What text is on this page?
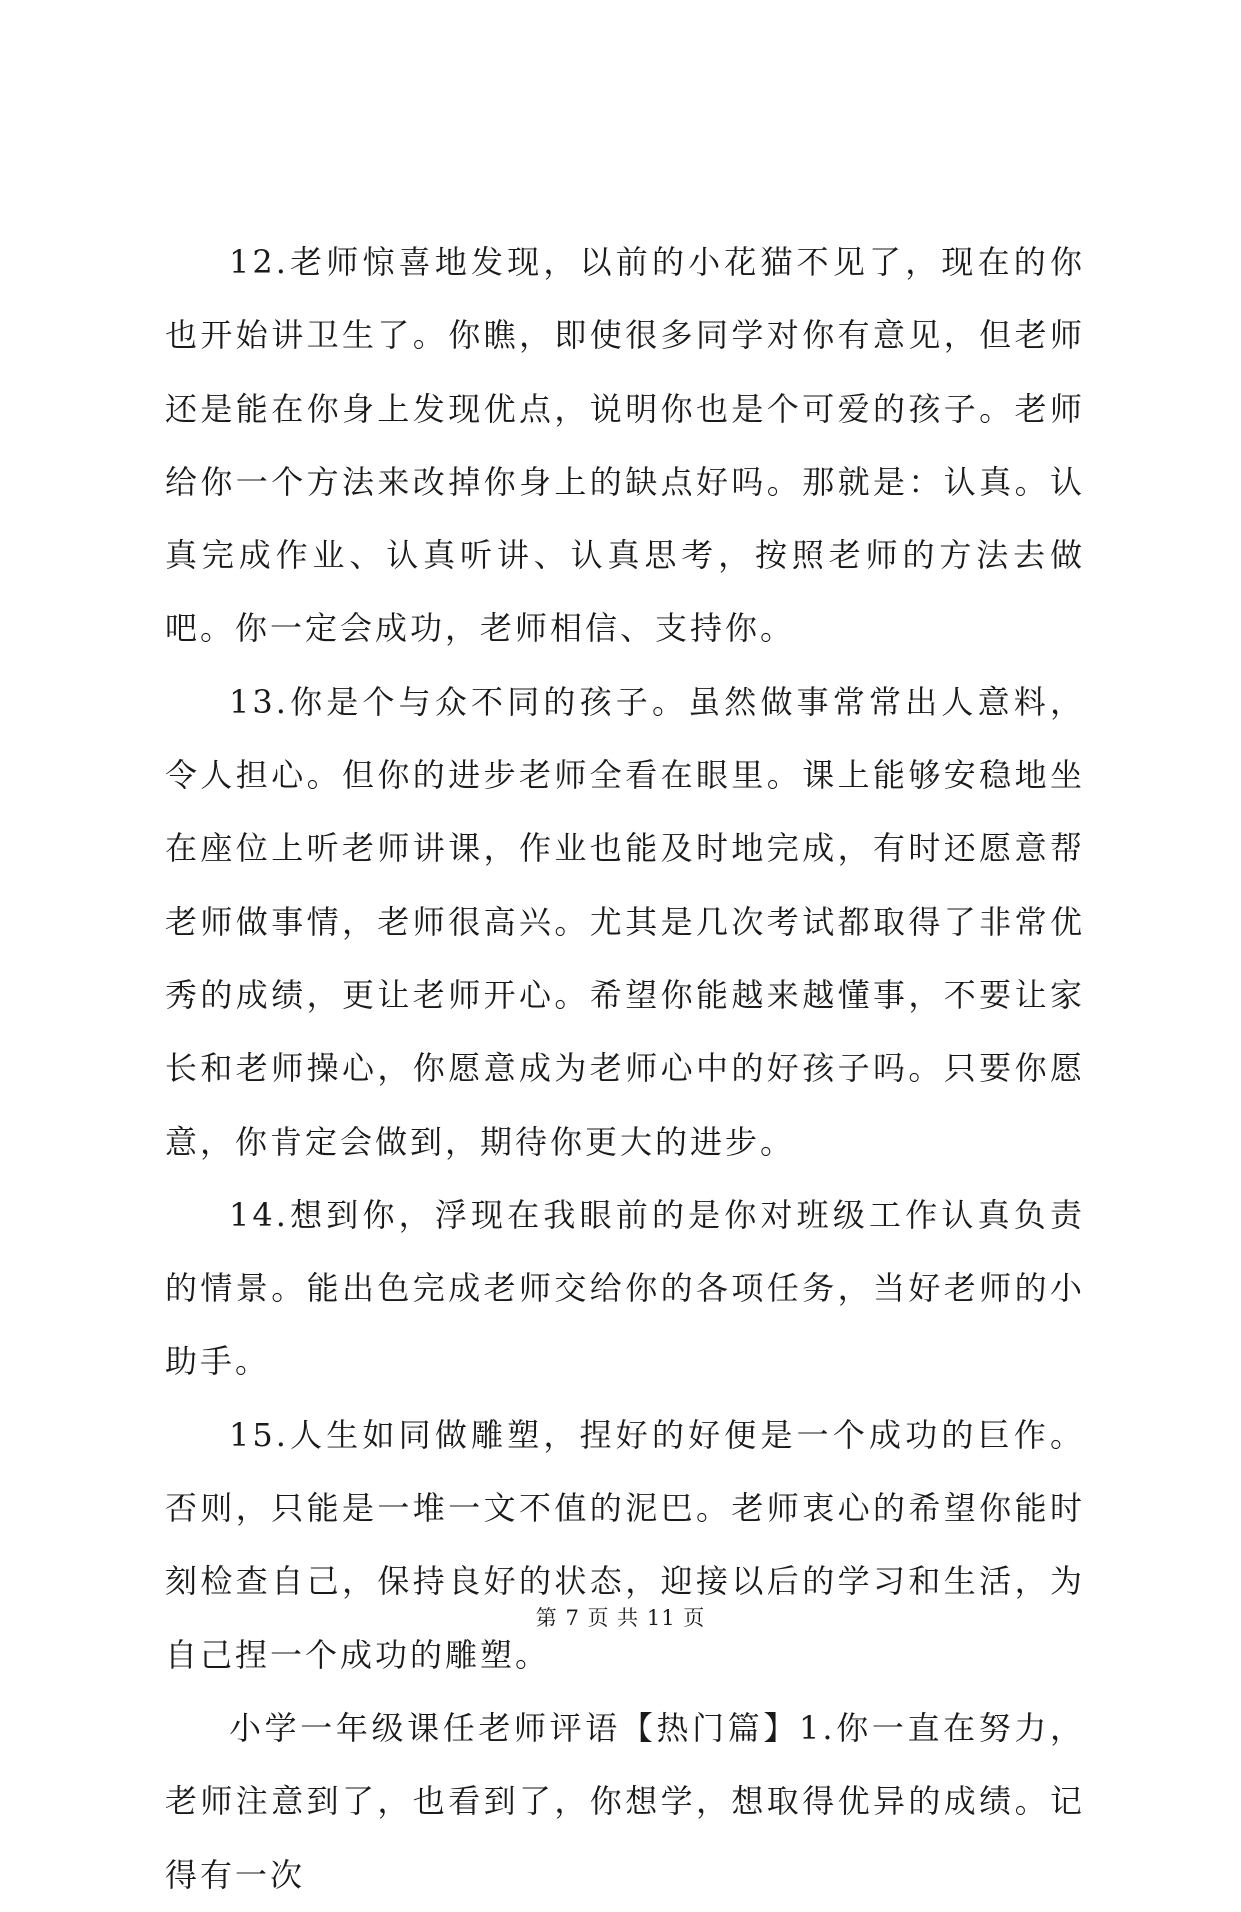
12.老师惊喜地发现，以前的小花猫不见了，现在的你也开始讲卫生了。你瞧，即使很多同学对你有意见，但老师还是能在你身上发现优点，说明你也是个可爱的孩子。老师给你一个方法来改掉你身上的缺点好吗。那就是：认真。认真完成作业、认真听讲、认真思考，按照老师的方法去做吧。你一定会成功，老师相信、支持你。

13.你是个与众不同的孩子。虽然做事常常出人意料，令人担心。但你的进步老师全看在眼里。课上能够安稳地坐在座位上听老师讲课，作业也能及时地完成，有时还愿意帮老师做事情，老师很高兴。尤其是几次考试都取得了非常优秀的成绩，更让老师开心。希望你能越来越懂事，不要让家长和老师操心，你愿意成为老师心中的好孩子吗。只要你愿意，你肯定会做到，期待你更大的进步。

14.想到你，浮现在我眼前的是你对班级工作认真负责的情景。能出色完成老师交给你的各项任务，当好老师的小助手。

15.人生如同做雕塑，捏好的好便是一个成功的巨作。否则，只能是一堆一文不值的泥巴。老师衷心的希望你能时刻检查自己，保持良好的状态，迎接以后的学习和生活，为自己捏一个成功的雕塑。

小学一年级课任老师评语【热门篇】1.你一直在努力，老师注意到了，也看到了，你想学，想取得优异的成绩。记得有一次

第 7 页 共 11 页
